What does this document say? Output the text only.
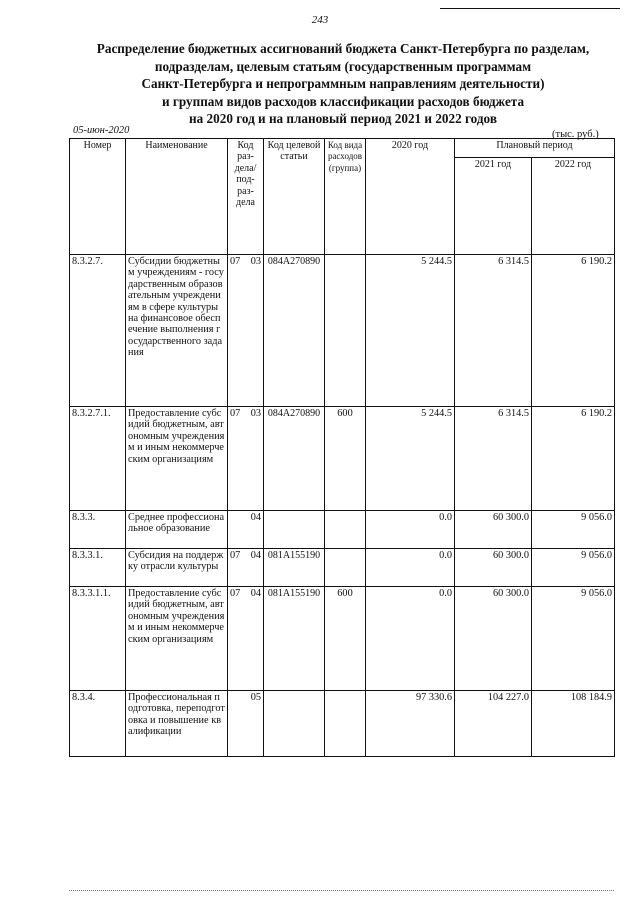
243
Распределение бюджетных ассигнований бюджета Санкт-Петербурга по разделам,
подразделам, целевым статьям (государственным программам
Санкт-Петербурга и непрограммным направлениям деятельности)
и группам видов расходов классификации расходов бюджета
на 2020 год и на плановый период 2021 и 2022 годов
05-июн-2020	(тыс. руб.)
Номер	Наименование	Код раз-дела/ под-раз-дела	Код целевой статьи	Код вида расходов (группа)	2020 год	Плановый период	
						2021 год	2022 год
8.3.2.7.	Субсидии бюджетным учреждениям - государственным образовательным учреждениям в сфере культуры на финансовое обеспечение выполнения государственного задания	07 03	084A270890		5 244.5	6 314.5	6 190.2
8.3.2.7.1.	Предоставление субсидий бюджетным, автономным учреждениям и иным некоммерческим организациям	07 03	084A270890	600	5 244.5	6 314.5	6 190.2
8.3.3.	Среднее профессиональное образование	04			0.0	60 300.0	9 056.0
8.3.3.1.	Субсидия на поддержку отрасли культуры	07 04	081A155190		0.0	60 300.0	9 056.0
8.3.3.1.1.	Предоставление субсидий бюджетным, автономным учреждениям и иным некоммерческим организациям	07 04	081A155190	600	0.0	60 300.0	9 056.0
8.3.4.	Профессиональная подготовка, переподготовка и повышение квалификации	05			97 330.6	104 227.0	108 184.9
